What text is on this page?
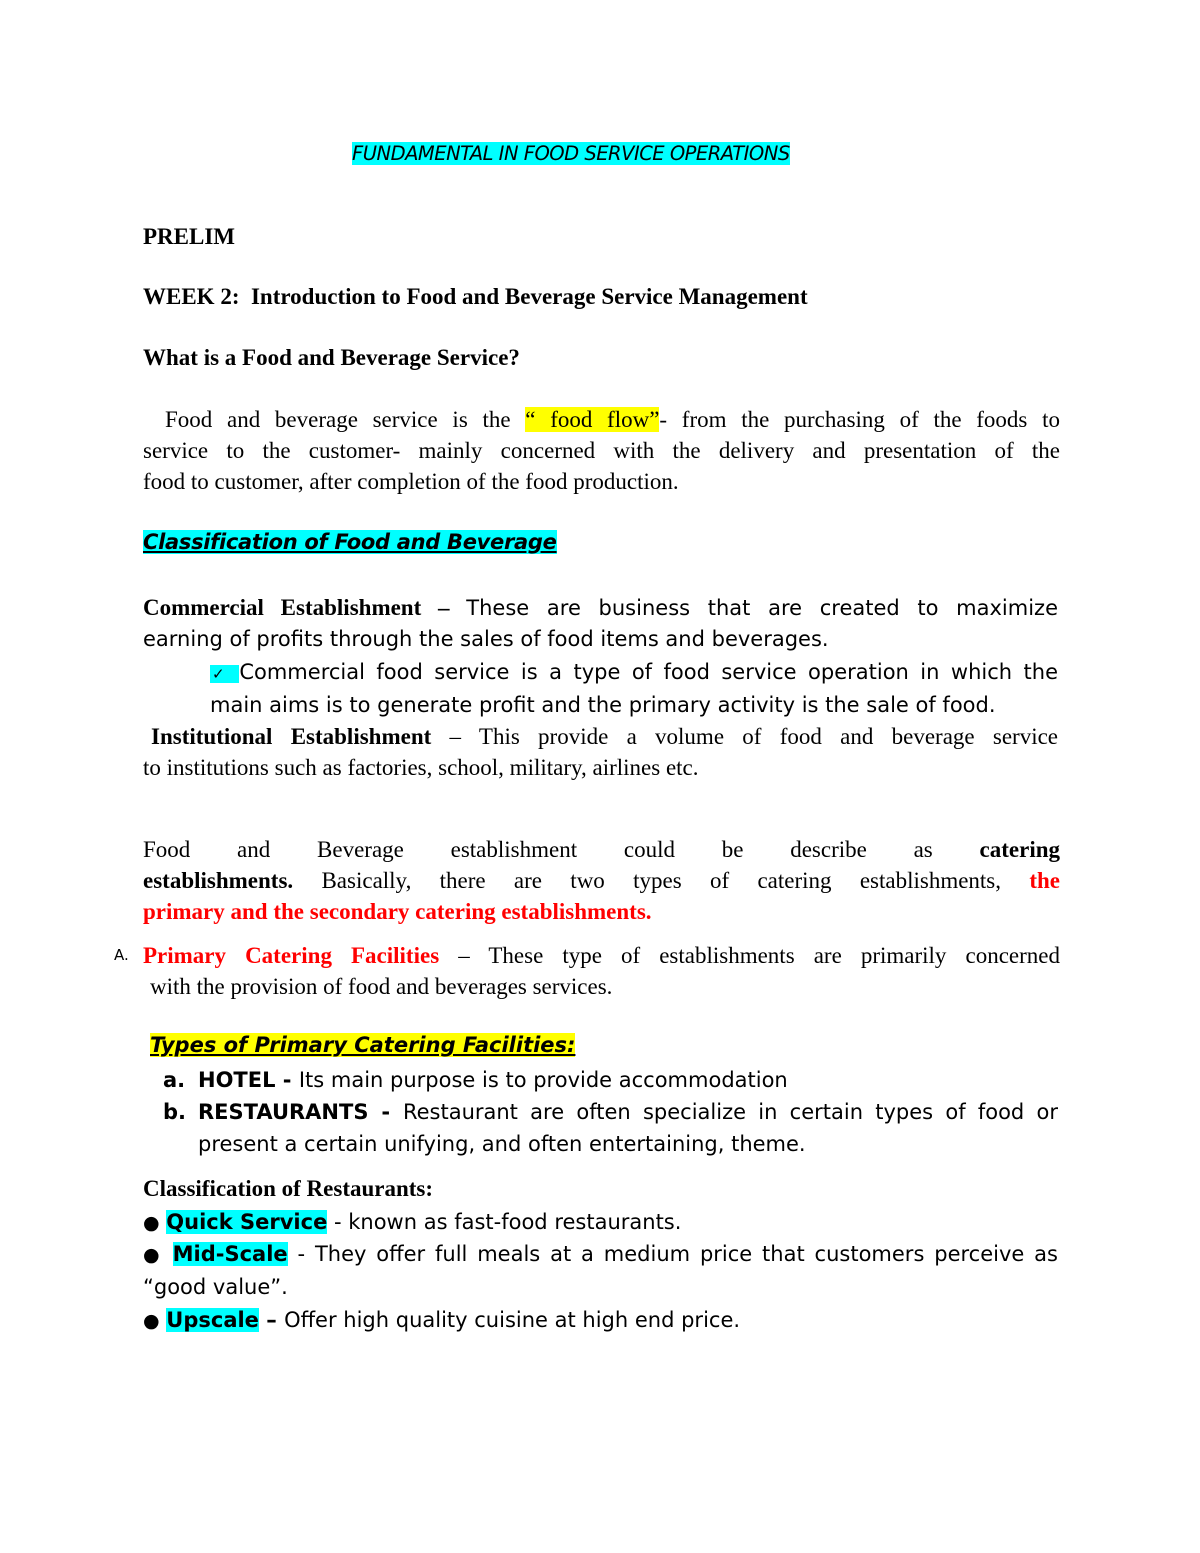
FUNDAMENTAL IN FOOD SERVICE OPERATIONS
PRELIM
WEEK 2:  Introduction to Food and Beverage Service Management
What is a Food and Beverage Service?
Food and beverage service is the “ food flow”- from the purchasing of the foods to
service to the customer- mainly concerned with the delivery and presentation of the
food to customer, after completion of the food production.
Classification of Food and Beverage
Commercial Establishment – These are business that are created to maximize
earning of profits through the sales of food items and beverages.
✓ Commercial food service is a type of food service operation in which the
main aims is to generate profit and the primary activity is the sale of food.
Institutional Establishment – This provide a volume of food and beverage service
to institutions such as factories, school, military, airlines etc.
Food and Beverage establishment could be describe as catering
establishments. Basically, there are two types of catering establishments, the
primary and the secondary catering establishments.
A. Primary Catering Facilities – These type of establishments are primarily concerned
with the provision of food and beverages services.
Types of Primary Catering Facilities:
a. HOTEL - Its main purpose is to provide accommodation
b. RESTAURANTS - Restaurant are often specialize in certain types of food or
present a certain unifying, and often entertaining, theme.
Classification of Restaurants:
● Quick Service - known as fast-food restaurants.
● Mid-Scale - They offer full meals at a medium price that customers perceive as
“good value”.
● Upscale – Offer high quality cuisine at high end price.
